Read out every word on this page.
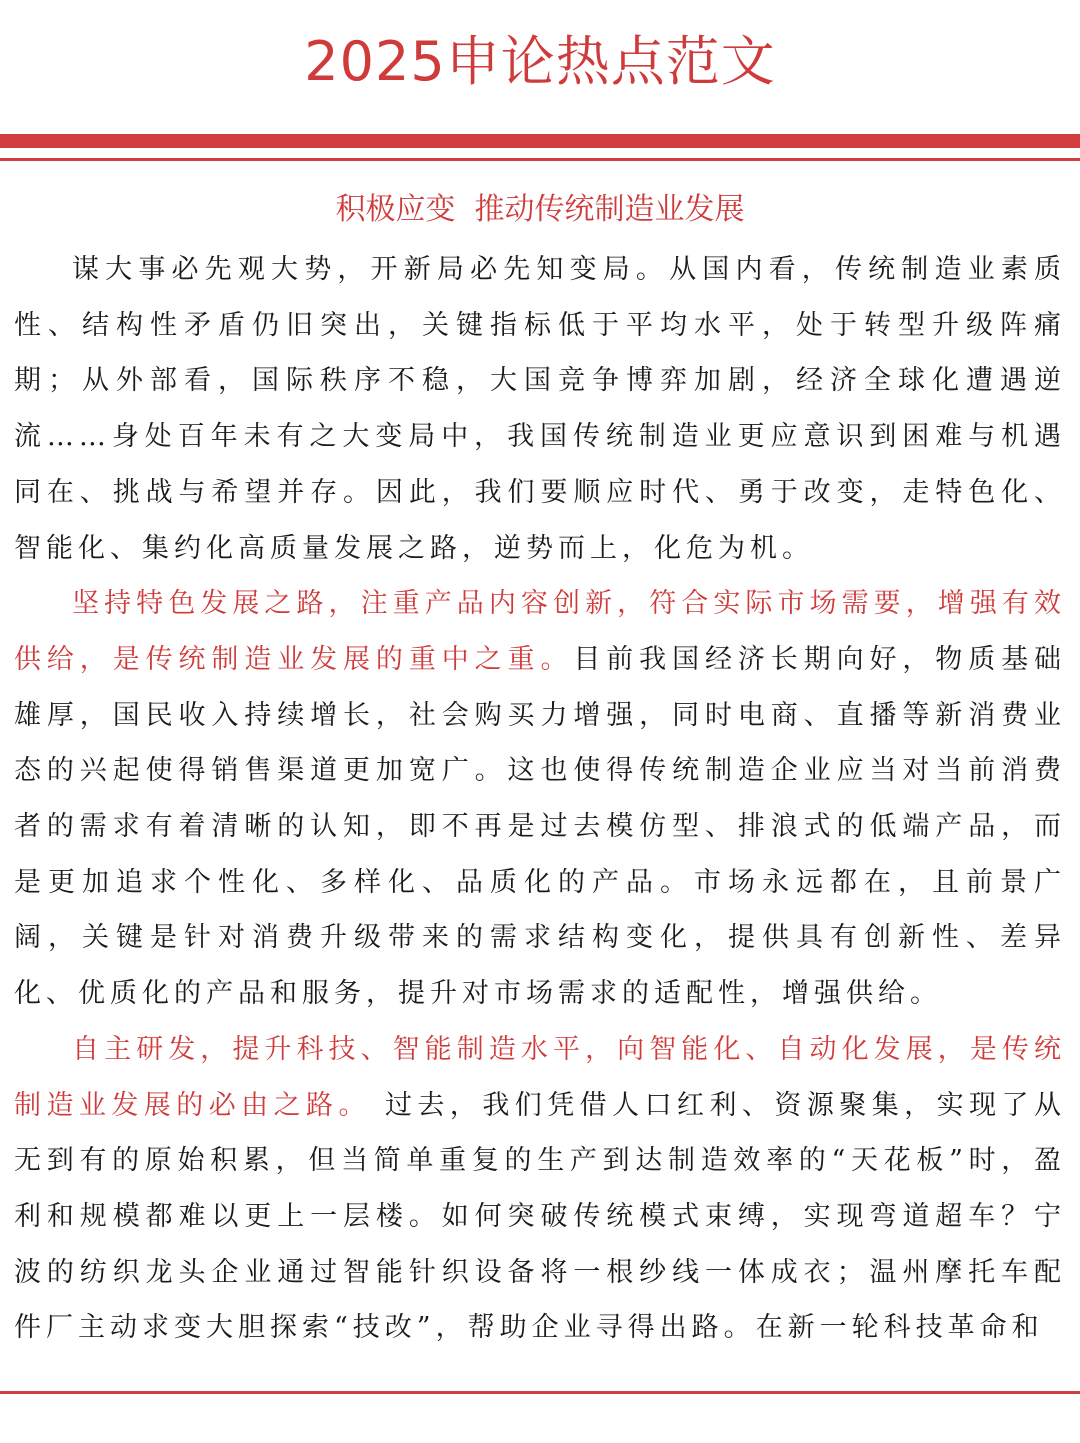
2025申论热点范文
积极应变  推动传统制造业发展

谋大事必先观大势，开新局必先知变局。从国内看，传统制造业素质性、结构性矛盾仍旧突出，关键指标低于平均水平，处于转型升级阵痛期；从外部看，国际秩序不稳，大国竞争博弈加剧，经济全球化遭遇逆流……身处百年未有之大变局中，我国传统制造业更应意识到困难与机遇同在、挑战与希望并存。因此，我们要顺应时代、勇于改变，走特色化、智能化、集约化高质量发展之路，逆势而上，化危为机。

坚持特色发展之路，注重产品内容创新，符合实际市场需要，增强有效供给，是传统制造业发展的重中之重。目前我国经济长期向好，物质基础雄厚，国民收入持续增长，社会购买力增强，同时电商、直播等新消费业态的兴起使得销售渠道更加宽广。这也使得传统制造企业应当对当前消费者的需求有着清晰的认知，即不再是过去模仿型、排浪式的低端产品，而是更加追求个性化、多样化、品质化的产品。市场永远都在，且前景广阔，关键是针对消费升级带来的需求结构变化，提供具有创新性、差异化、优质化的产品和服务，提升对市场需求的适配性，增强供给。

自主研发，提升科技、智能制造水平，向智能化、自动化发展，是传统制造业发展的必由之路。 过去，我们凭借人口红利、资源聚集，实现了从无到有的原始积累，但当简单重复的生产到达制造效率的“天花板”时，盈利和规模都难以更上一层楼。如何突破传统模式束缚，实现弯道超车？宁波的纺织龙头企业通过智能针织设备将一根纱线一体成衣；温州摩托车配件厂主动求变大胆探索“技改”，帮助企业寻得出路。在新一轮科技革命和
